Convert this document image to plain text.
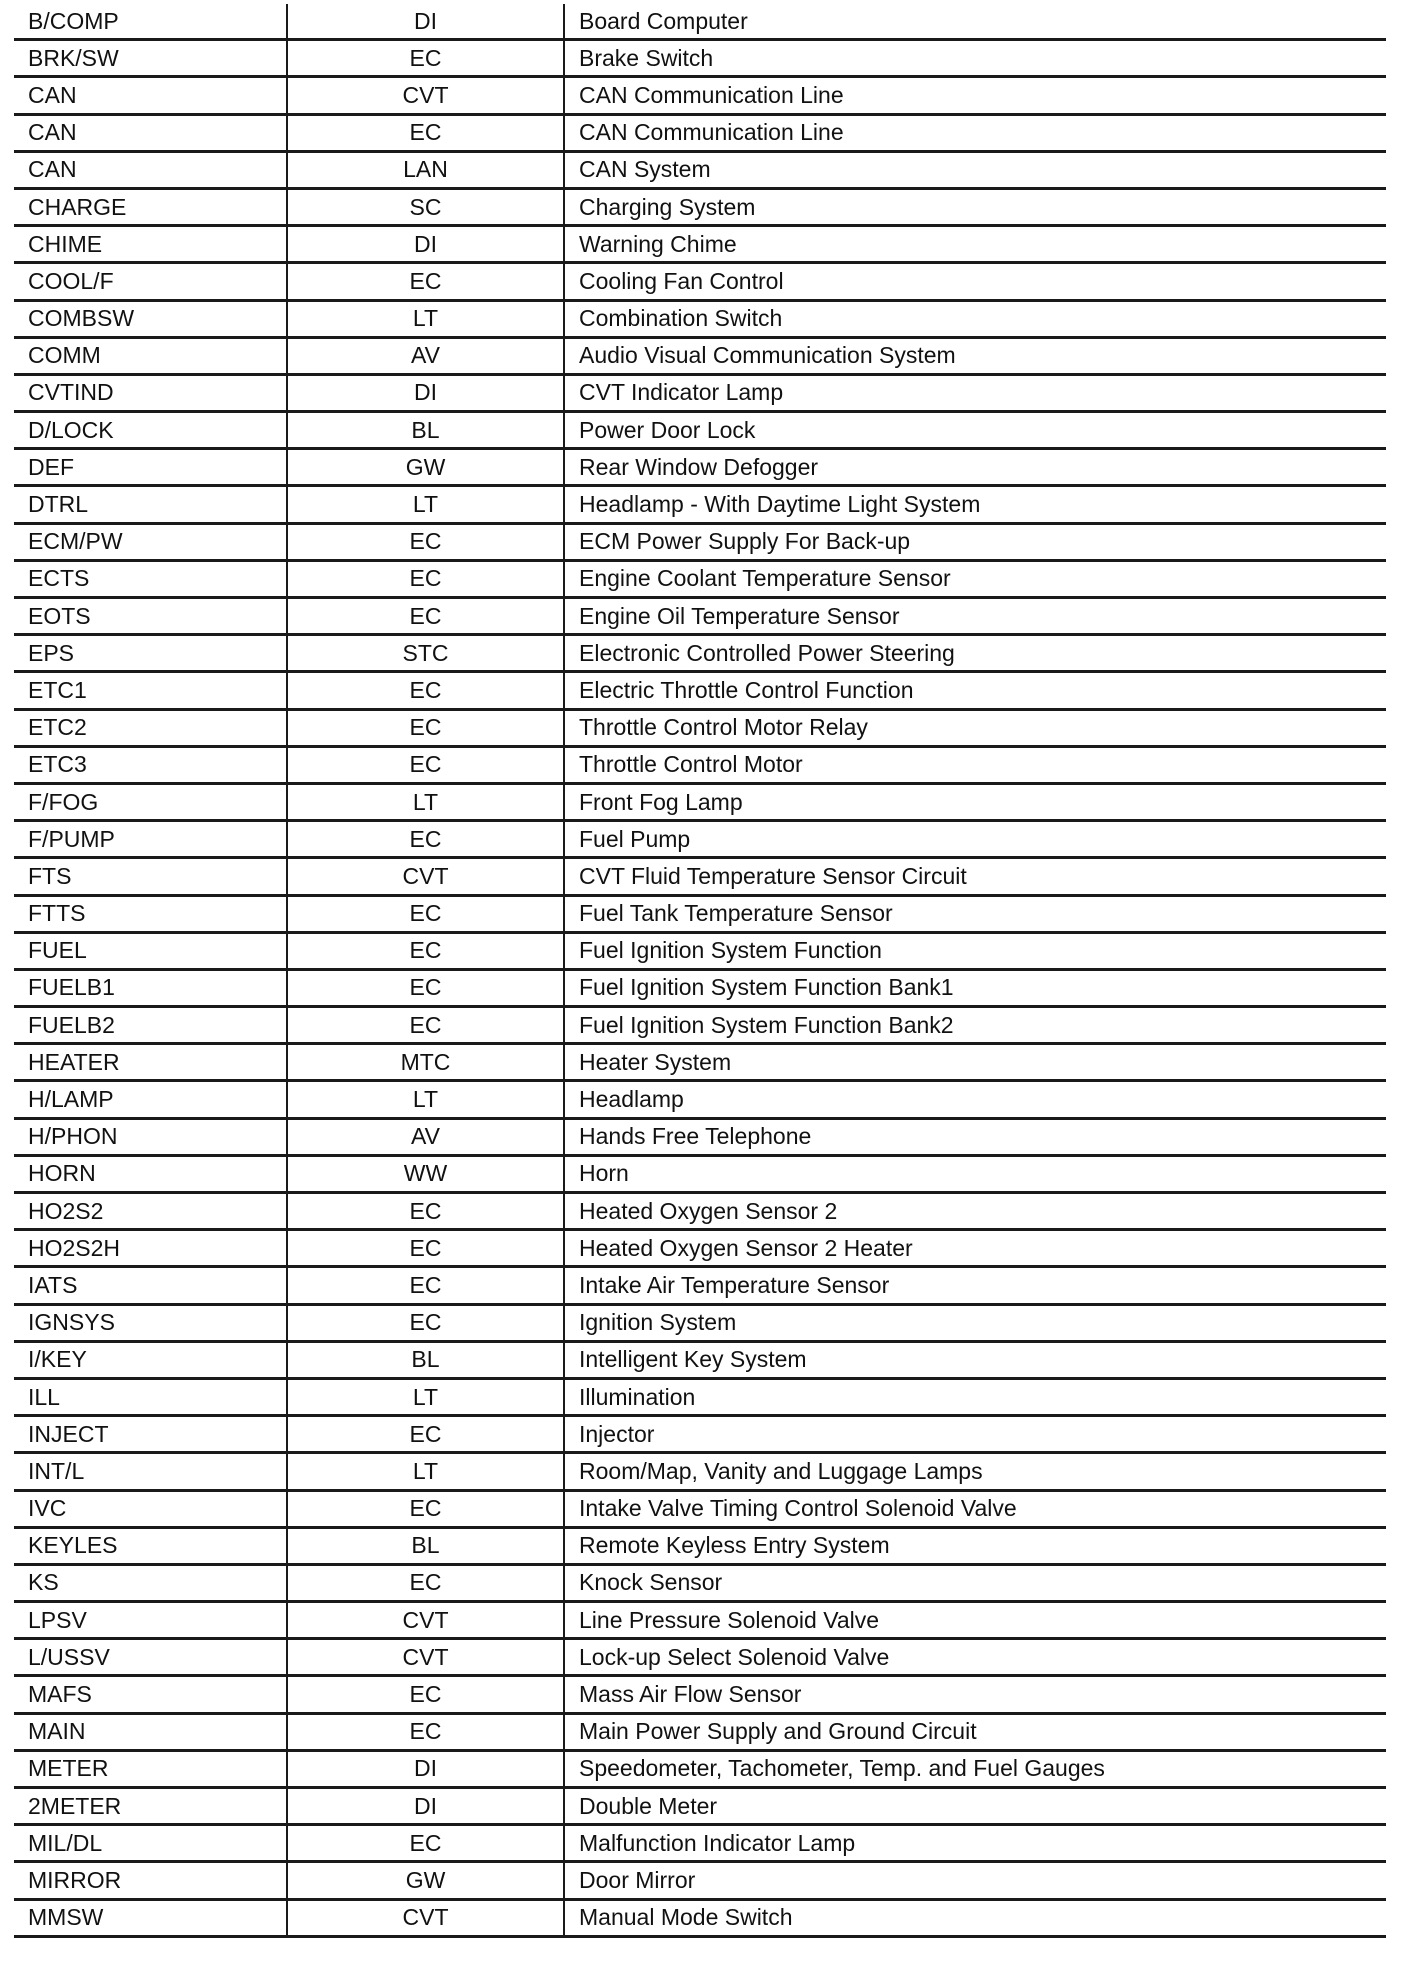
B/COMP	DI	Board Computer
BRK/SW	EC	Brake Switch
CAN	CVT	CAN Communication Line
CAN	EC	CAN Communication Line
CAN	LAN	CAN System
CHARGE	SC	Charging System
CHIME	DI	Warning Chime
COOL/F	EC	Cooling Fan Control
COMBSW	LT	Combination Switch
COMM	AV	Audio Visual Communication System
CVTIND	DI	CVT Indicator Lamp
D/LOCK	BL	Power Door Lock
DEF	GW	Rear Window Defogger
DTRL	LT	Headlamp - With Daytime Light System
ECM/PW	EC	ECM Power Supply For Back-up
ECTS	EC	Engine Coolant Temperature Sensor
EOTS	EC	Engine Oil Temperature Sensor
EPS	STC	Electronic Controlled Power Steering
ETC1	EC	Electric Throttle Control Function
ETC2	EC	Throttle Control Motor Relay
ETC3	EC	Throttle Control Motor
F/FOG	LT	Front Fog Lamp
F/PUMP	EC	Fuel Pump
FTS	CVT	CVT Fluid Temperature Sensor Circuit
FTTS	EC	Fuel Tank Temperature Sensor
FUEL	EC	Fuel Ignition System Function
FUELB1	EC	Fuel Ignition System Function Bank1
FUELB2	EC	Fuel Ignition System Function Bank2
HEATER	MTC	Heater System
H/LAMP	LT	Headlamp
H/PHON	AV	Hands Free Telephone
HORN	WW	Horn
HO2S2	EC	Heated Oxygen Sensor 2
HO2S2H	EC	Heated Oxygen Sensor 2 Heater
IATS	EC	Intake Air Temperature Sensor
IGNSYS	EC	Ignition System
I/KEY	BL	Intelligent Key System
ILL	LT	Illumination
INJECT	EC	Injector
INT/L	LT	Room/Map, Vanity and Luggage Lamps
IVC	EC	Intake Valve Timing Control Solenoid Valve
KEYLES	BL	Remote Keyless Entry System
KS	EC	Knock Sensor
LPSV	CVT	Line Pressure Solenoid Valve
L/USSV	CVT	Lock-up Select Solenoid Valve
MAFS	EC	Mass Air Flow Sensor
MAIN	EC	Main Power Supply and Ground Circuit
METER	DI	Speedometer, Tachometer, Temp. and Fuel Gauges
2METER	DI	Double Meter
MIL/DL	EC	Malfunction Indicator Lamp
MIRROR	GW	Door Mirror
MMSW	CVT	Manual Mode Switch
